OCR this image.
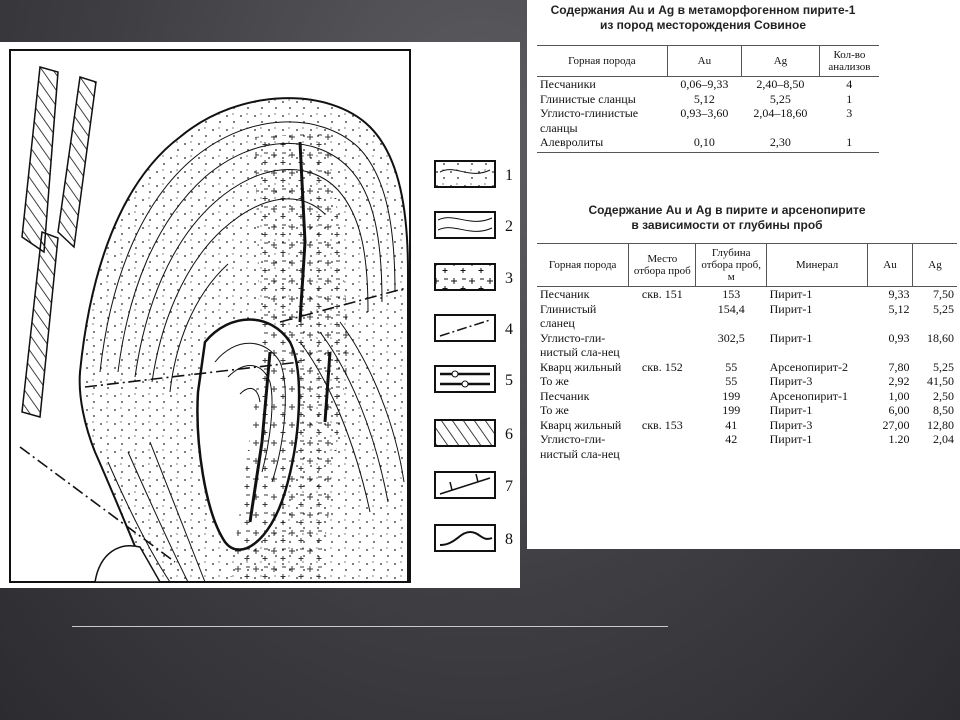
1
2
3
4
5
6
7
8
Содержания Au и Ag в метаморфогенном пирите-1
из пород месторождения Совиное
Горная порода	Au	Ag	Кол-во анализов
Песчаники	0,06–9,33	2,40–8,50	4
Глинистые сланцы	5,12	5,25	1
Углисто-глинистые сланцы	0,93–3,60	2,04–18,60	3
Алевролиты	0,10	2,30	1
Содержание Au и Ag в пирите и арсенопирите
в зависимости от глубины проб
Горная порода	Место отбора проб	Глубина отбора проб, м	Минерал	Au	Ag
Песчаник	скв. 151	153	Пирит-1	9,33	7,50
Глинистый сланец		154,4	Пирит-1	5,12	5,25
Углисто-гли-нистый сла-нец		302,5	Пирит-1	0,93	18,60
Кварц жильный	скв. 152	55	Арсенопирит-2	7,80	5,25
То же		55	Пирит-3	2,92	41,50
Песчаник		199	Арсенопирит-1	1,00	2,50
То же		199	Пирит-1	6,00	8,50
Кварц жильный	скв. 153	41	Пирит-3	27,00	12,80
Углисто-гли-нистый сла-нец		42	Пирит-1	1.20	2,04
